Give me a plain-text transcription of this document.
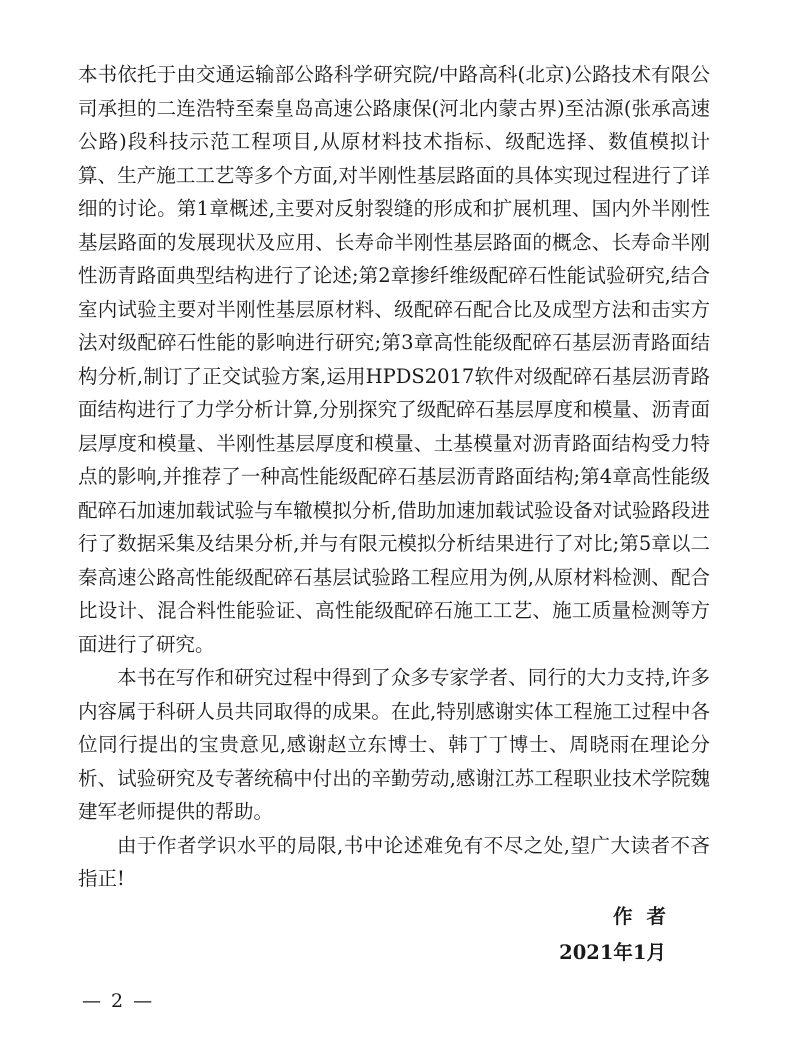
本书依托于由交通运输部公路科学研究院/中路高科(北京)公路技术有限公司承担的二连浩特至秦皇岛高速公路康保(河北内蒙古界)至沽源(张承高速公路)段科技示范工程项目,从原材料技术指标、级配选择、数值模拟计算、生产施工工艺等多个方面,对半刚性基层路面的具体实现过程进行了详细的讨论。第1章概述,主要对反射裂缝的形成和扩展机理、国内外半刚性基层路面的发展现状及应用、长寿命半刚性基层路面的概念、长寿命半刚性沥青路面典型结构进行了论述;第2章掺纤维级配碎石性能试验研究,结合室内试验主要对半刚性基层原材料、级配碎石配合比及成型方法和击实方法对级配碎石性能的影响进行研究;第3章高性能级配碎石基层沥青路面结构分析,制订了正交试验方案,运用HPDS2017软件对级配碎石基层沥青路面结构进行了力学分析计算,分别探究了级配碎石基层厚度和模量、沥青面层厚度和模量、半刚性基层厚度和模量、土基模量对沥青路面结构受力特点的影响,并推荐了一种高性能级配碎石基层沥青路面结构;第4章高性能级配碎石加速加载试验与车辙模拟分析,借助加速加载试验设备对试验路段进行了数据采集及结果分析,并与有限元模拟分析结果进行了对比;第5章以二秦高速公路高性能级配碎石基层试验路工程应用为例,从原材料检测、配合比设计、混合料性能验证、高性能级配碎石施工工艺、施工质量检测等方面进行了研究。

本书在写作和研究过程中得到了众多专家学者、同行的大力支持,许多内容属于科研人员共同取得的成果。在此,特别感谢实体工程施工过程中各位同行提出的宝贵意见,感谢赵立东博士、韩丁丁博士、周晓雨在理论分析、试验研究及专著统稿中付出的辛勤劳动,感谢江苏工程职业技术学院魏建军老师提供的帮助。

由于作者学识水平的局限,书中论述难免有不尽之处,望广大读者不吝指正!

作者
2021年1月
— 2 —
